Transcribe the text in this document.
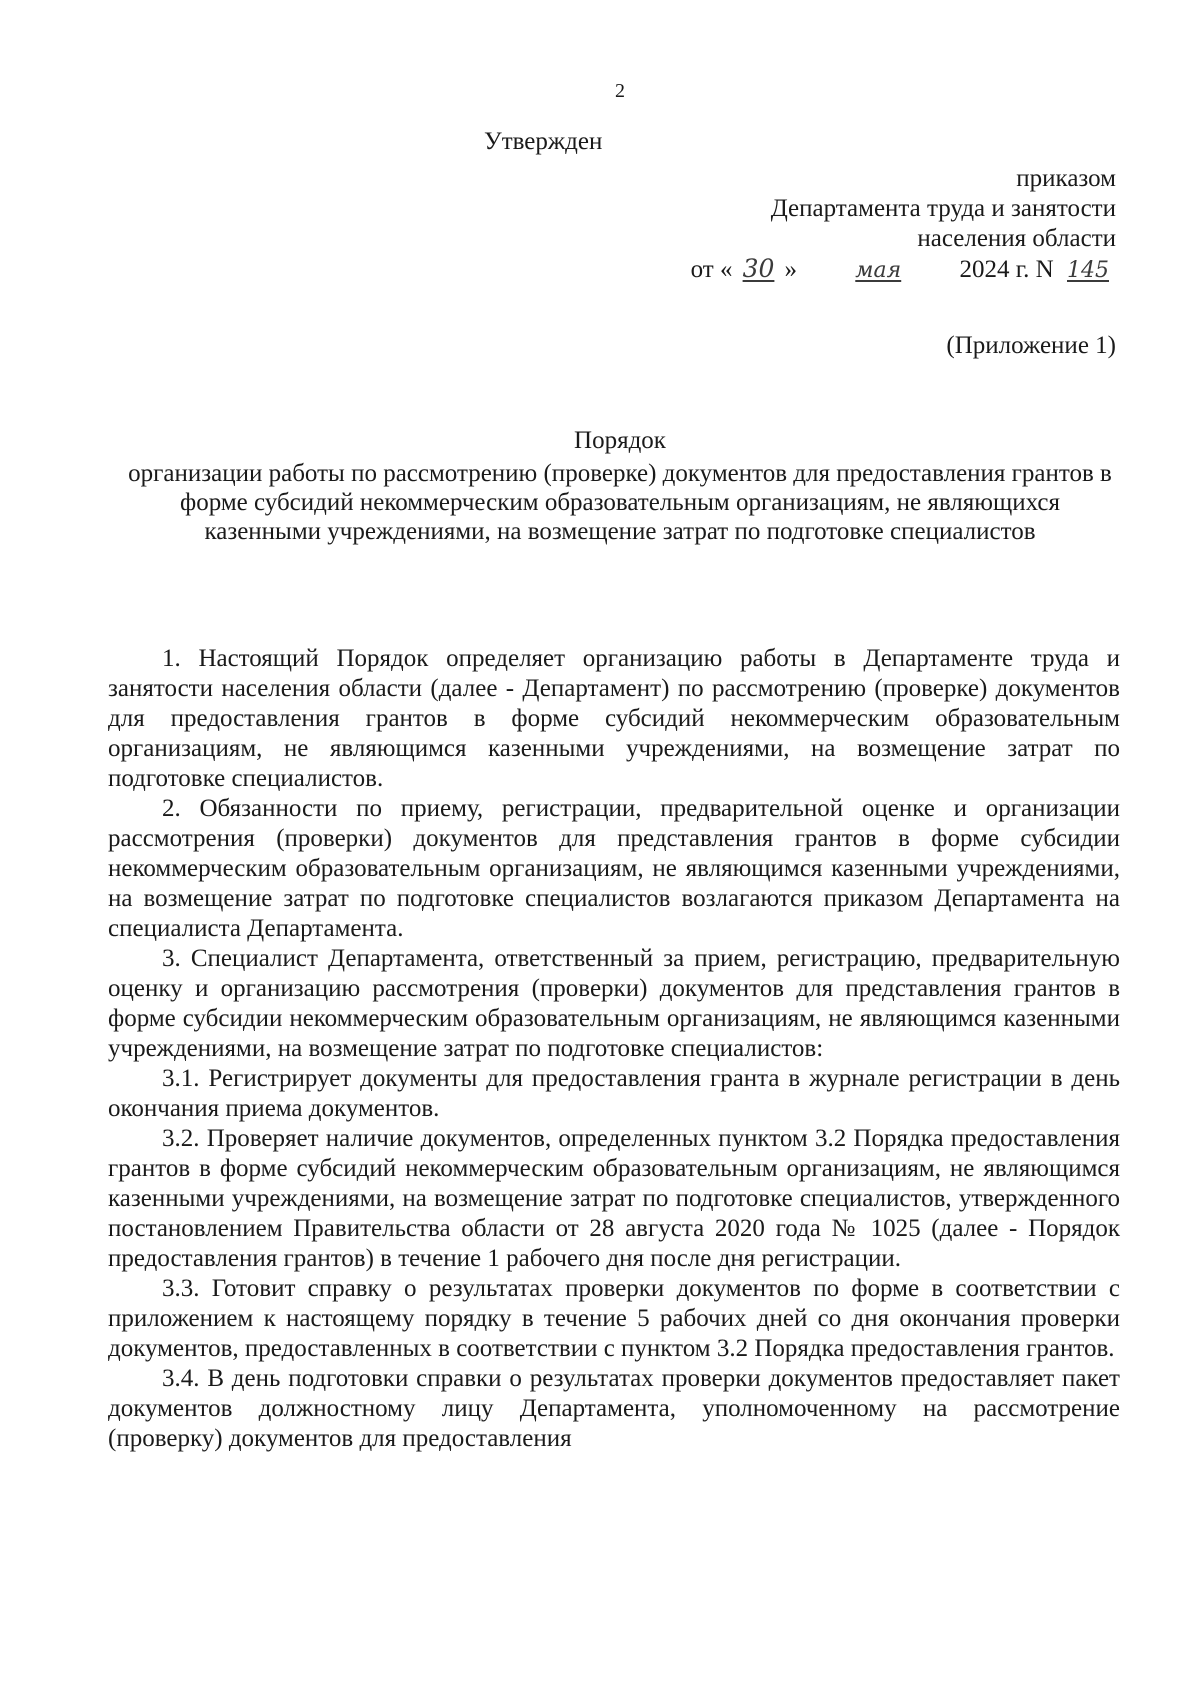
2
Утвержден
приказом
Департамента труда и занятости
населения области
от « 30 »	мая 2024 г. N 145
(Приложение 1)
Порядок
организации работы по рассмотрению (проверке) документов для предоставления грантов в форме субсидий некоммерческим образовательным организациям, не являющихся казенными учреждениями, на возмещение затрат по подготовке специалистов

1. Настоящий Порядок определяет организацию работы в Департаменте труда и занятости населения области (далее - Департамент) по рассмотрению (проверке) документов для предоставления грантов в форме субсидий некоммерческим образовательным организациям, не являющимся казенными учреждениями, на возмещение затрат по подготовке специалистов.

2. Обязанности по приему, регистрации, предварительной оценке и организации рассмотрения (проверки) документов для представления грантов в форме субсидии некоммерческим образовательным организациям, не являющимся казенными учреждениями, на возмещение затрат по подготовке специалистов возлагаются приказом Департамента на специалиста Департамента.

3. Специалист Департамента, ответственный за прием, регистрацию, предварительную оценку и организацию рассмотрения (проверки) документов для представления грантов в форме субсидии некоммерческим образовательным организациям, не являющимся казенными учреждениями, на возмещение затрат по подготовке специалистов:

3.1. Регистрирует документы для предоставления гранта в журнале регистрации в день окончания приема документов.

3.2. Проверяет наличие документов, определенных пунктом 3.2 Порядка предоставления грантов в форме субсидий некоммерческим образовательным организациям, не являющимся казенными учреждениями, на возмещение затрат по подготовке специалистов, утвержденного постановлением Правительства области от 28 августа 2020 года № 1025 (далее - Порядок предоставления грантов) в течение 1 рабочего дня после дня регистрации.

3.3. Готовит справку о результатах проверки документов по форме в соответствии с приложением к настоящему порядку в течение 5 рабочих дней со дня окончания проверки документов, предоставленных в соответствии с пунктом 3.2 Порядка предоставления грантов.

3.4. В день подготовки справки о результатах проверки документов предоставляет пакет документов должностному лицу Департамента, уполномоченному на рассмотрение (проверку) документов для предоставления
